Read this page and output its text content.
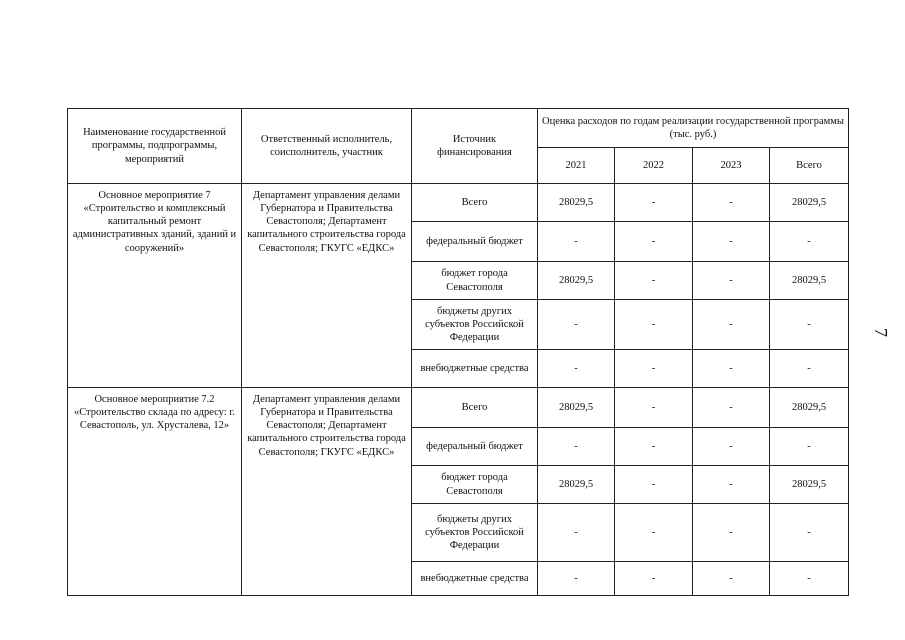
Наименование государственной программы, подпрограммы, мероприятий	Ответственный исполнитель, соисполнитель, участник	Источник финансирования	Оценка расходов по годам реализации государственной программы (тыс. руб.)			
			2021	2022	2023	Всего
Основное мероприятие 7 «Строительство и комплексный капитальный ремонт административных зданий, зданий и сооружений»	Департамент управления делами Губернатора и Правительства Севастополя; Департамент капитального строительства города Севастополя; ГКУГС «ЕДКС»	Всего	28029,5	-	-	28029,5
		федеральный бюджет	-	-	-	-
		бюджет города Севастополя	28029,5	-	-	28029,5
		бюджеты других субъектов Российской Федерации	-	-	-	-
		внебюджетные средства	-	-	-	-
Основное мероприятие 7.2 «Строительство склада по адресу: г. Севастополь, ул. Хрусталева, 12»	Департамент управления делами Губернатора и Правительства Севастополя; Департамент капитального строительства города Севастополя; ГКУГС «ЕДКС»	Всего	28029,5	-	-	28029,5
		федеральный бюджет	-	-	-	-
		бюджет города Севастополя	28029,5	-	-	28029,5
		бюджеты других субъектов Российской Федерации	-	-	-	-
		внебюджетные средства	-	-	-	-
7
